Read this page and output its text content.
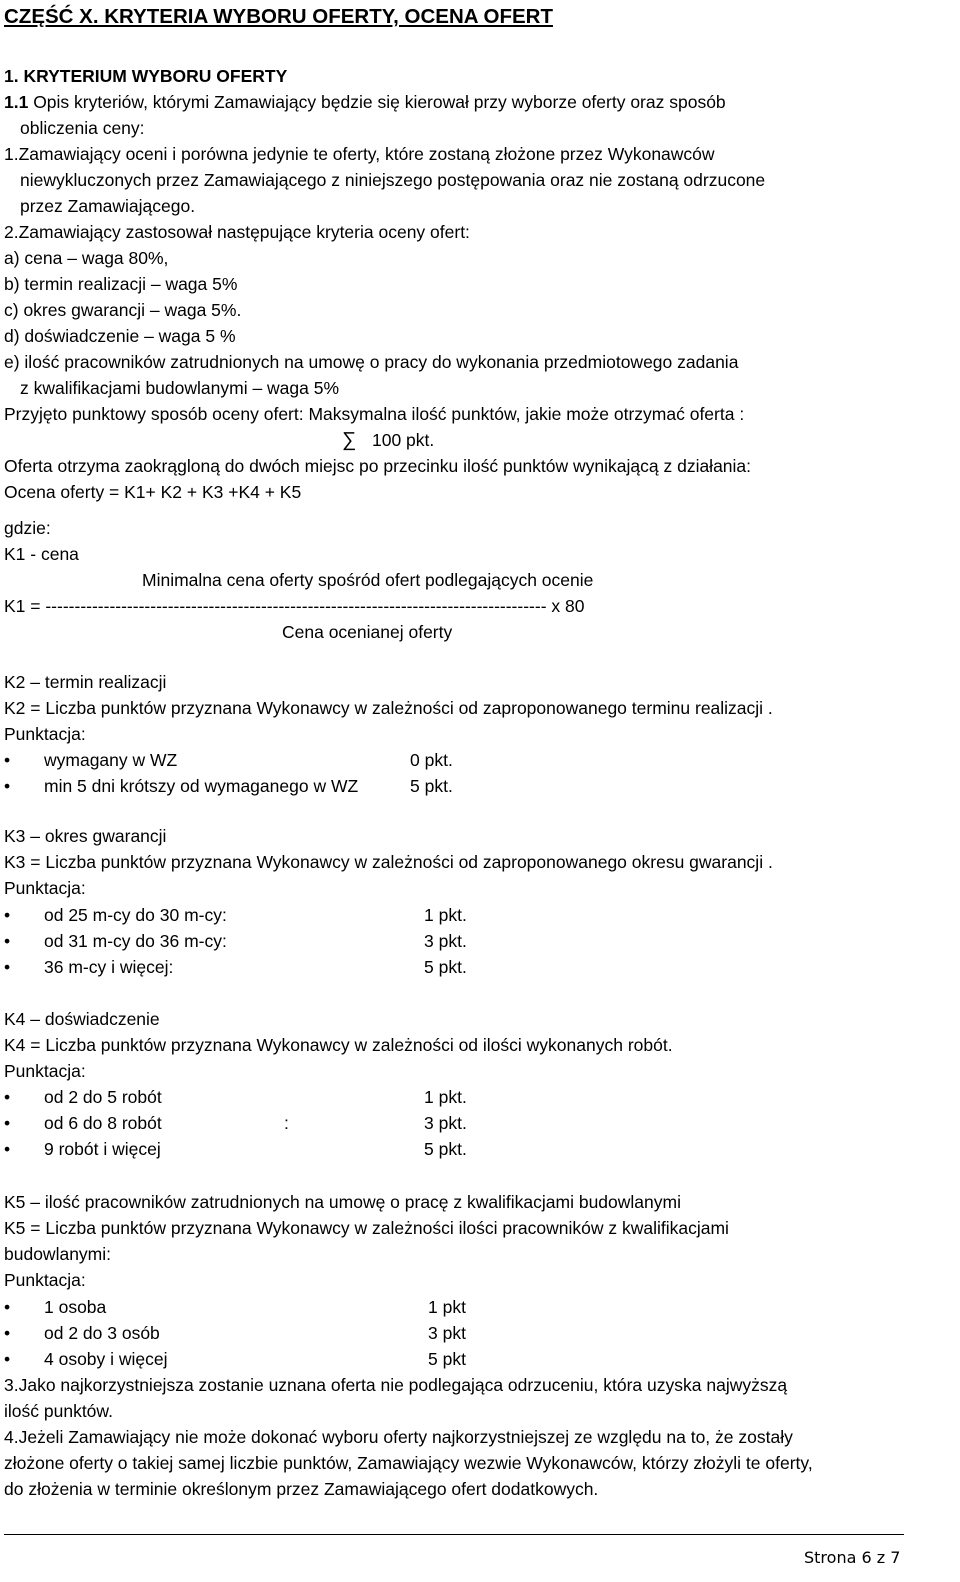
CZĘŚĆ X. KRYTERIA WYBORU OFERTY, OCENA OFERT
1. KRYTERIUM WYBORU OFERTY
1.1 Opis kryteriów, którymi Zamawiający będzie się kierował przy wyborze oferty oraz sposób
obliczenia ceny:
1.Zamawiający oceni i porówna jedynie te oferty, które zostaną złożone przez Wykonawców
niewykluczonych przez Zamawiającego z niniejszego postępowania oraz nie zostaną odrzucone
przez Zamawiającego.
2.Zamawiający zastosował następujące kryteria oceny ofert:
a) cena – waga 80%,
b) termin realizacji – waga 5%
c) okres gwarancji – waga 5%.
d) doświadczenie – waga 5 %
e) ilość pracowników zatrudnionych na umowę o pracy do wykonania przedmiotowego zadania
z kwalifikacjami budowlanymi – waga 5%
Przyjęto punktowy sposób oceny ofert: Maksymalna ilość punktów, jakie może otrzymać oferta :
∑ 100 pkt.
Oferta otrzyma zaokrągloną do dwóch miejsc po przecinku ilość punktów wynikającą z działania:
Ocena oferty = K1+ K2 + K3 +K4 + K5
gdzie:
K1 - cena
Minimalna cena oferty spośród ofert podlegających ocenie
K1 = -------------------------------------------------------------------------------------- x 80
Cena ocenianej oferty
K2 – termin realizacji
K2 = Liczba punktów przyznana Wykonawcy w zależności od zaproponowanego terminu realizacji .
Punktacja:
• wymagany w WZ	0 pkt.
• min 5 dni krótszy od wymaganego w WZ	5 pkt.
K3 – okres gwarancji
K3 = Liczba punktów przyznana Wykonawcy w zależności od zaproponowanego okresu gwarancji .
Punktacja:
• od 25 m-cy do 30 m-cy:	1 pkt.
• od 31 m-cy do 36 m-cy:	3 pkt.
• 36 m-cy i więcej:	5 pkt.
K4 – doświadczenie
K4 = Liczba punktów przyznana Wykonawcy w zależności od ilości wykonanych robót.
Punktacja:
• od 2 do 5 robót	1 pkt.
• od 6 do 8 robót	:	3 pkt.
• 9 robót i więcej	5 pkt.
K5 – ilość pracowników zatrudnionych na umowę o pracę z kwalifikacjami budowlanymi
K5 = Liczba punktów przyznana Wykonawcy w zależności ilości pracowników z kwalifikacjami
budowlanymi:
Punktacja:
• 1 osoba	1 pkt
• od 2 do 3 osób	3 pkt
• 4 osoby i więcej	5 pkt
3.Jako najkorzystniejsza zostanie uznana oferta nie podlegająca odrzuceniu, która uzyska najwyższą
ilość punktów.
4.Jeżeli Zamawiający nie może dokonać wyboru oferty najkorzystniejszej ze względu na to, że zostały
złożone oferty o takiej samej liczbie punktów, Zamawiający wezwie Wykonawców, którzy złożyli te oferty,
do złożenia w terminie określonym przez Zamawiającego ofert dodatkowych.
Strona 6 z 7
